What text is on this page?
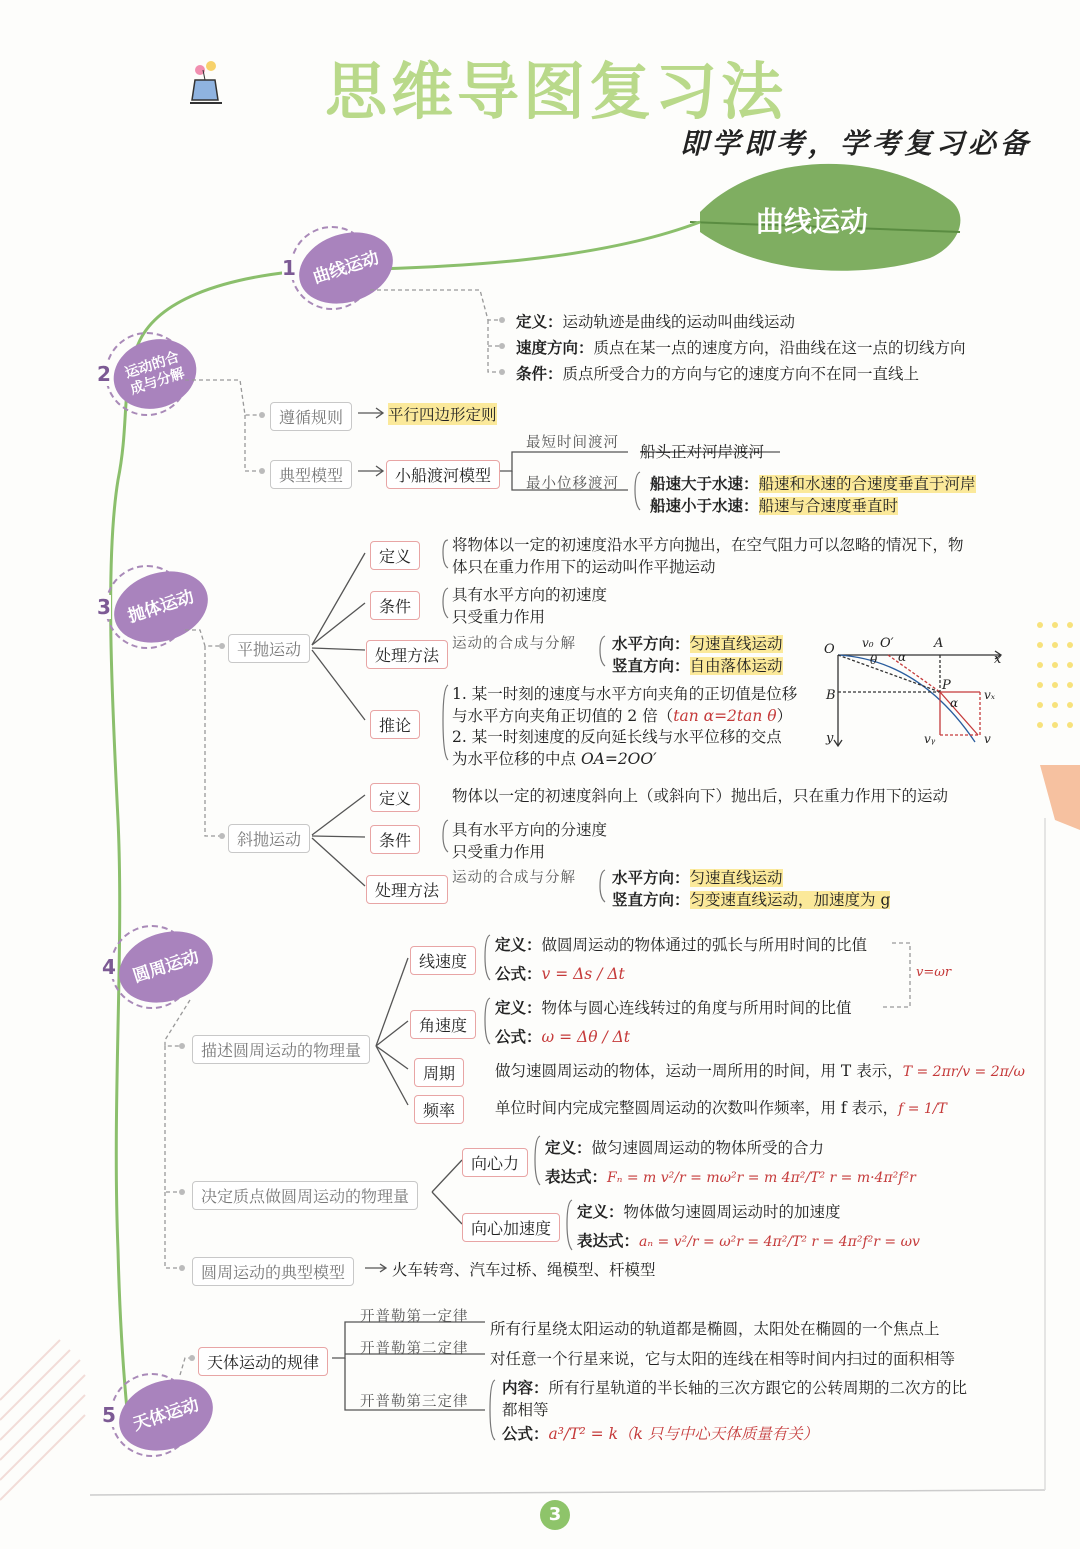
思维导图复习法
即学即考，学考复习必备
曲线运动
曲线运动
1
运动的合成与分解
2
抛体运动
3
圆周运动
4
天体运动
5
定义：运动轨迹是曲线的运动叫曲线运动
速度方向：质点在某一点的速度方向，沿曲线在这一点的切线方向
条件：质点所受合力的方向与它的速度方向不在同一直线上
遵循规则	平行四边形定则
典型模型	小船渡河模型
最短时间渡河 船头正对河岸渡河
最小位移渡河 船速大于水速：船速和水速的合速度垂直于河岸
船速小于水速：船速与合速度垂直时
平抛运动
定义
将物体以一定的初速度沿水平方向抛出，在空气阻力可以忽略的情况下，物
体只在重力作用下的运动叫作平抛运动
条件
具有水平方向的初速度
只受重力作用
处理方法
运动的合成与分解 水平方向：匀速直线运动
竖直方向：自由落体运动
推论
1. 某一时刻的速度与水平方向夹角的正切值是位移
与水平方向夹角正切值的 2 倍（tan α=2tan θ）
2. 某一时刻速度的反向延长线与水平位移的交点
为水平位移的中点 OA=2OO′
O v₀ O′	A
x
θ α
B
P
vₓ
α
y	vᵧ	v
斜抛运动
定义	物体以一定的初速度斜向上（或斜向下）抛出后，只在重力作用下的运动
条件
具有水平方向的分速度
只受重力作用
处理方法
运动的合成与分解 水平方向：匀速直线运动
竖直方向：匀变速直线运动，加速度为 g
描述圆周运动的物理量
线速度
定义：做圆周运动的物体通过的弧长与所用时间的比值
公式：v = Δs / Δt	v=ωr
角速度
定义：物体与圆心连线转过的角度与所用时间的比值
公式：ω = Δθ / Δt
周期	做匀速圆周运动的物体，运动一周所用的时间，用 T 表示，T = 2πr/v = 2π/ω
频率	单位时间内完成完整圆周运动的次数叫作频率，用 f 表示，f = 1/T
决定质点做圆周运动的物理量
向心力
定义：做匀速圆周运动的物体所受的合力
表达式：Fₙ = m v²/r = mω²r = m 4π²/T² r = m·4π²f²r
向心加速度
定义：物体做匀速圆周运动时的加速度
表达式：aₙ = v²/r = ω²r = 4π²/T² r = 4π²f²r = ωv
圆周运动的典型模型	火车转弯、汽车过桥、绳模型、杆模型
天体运动的规律
开普勒第一定律
所有行星绕太阳运动的轨道都是椭圆，太阳处在椭圆的一个焦点上
开普勒第二定律
对任意一个行星来说，它与太阳的连线在相等时间内扫过的面积相等
开普勒第三定律
内容：所有行星轨道的半长轴的三次方跟它的公转周期的二次方的比
都相等
公式：a³/T² = k（k 只与中心天体质量有关）
3
